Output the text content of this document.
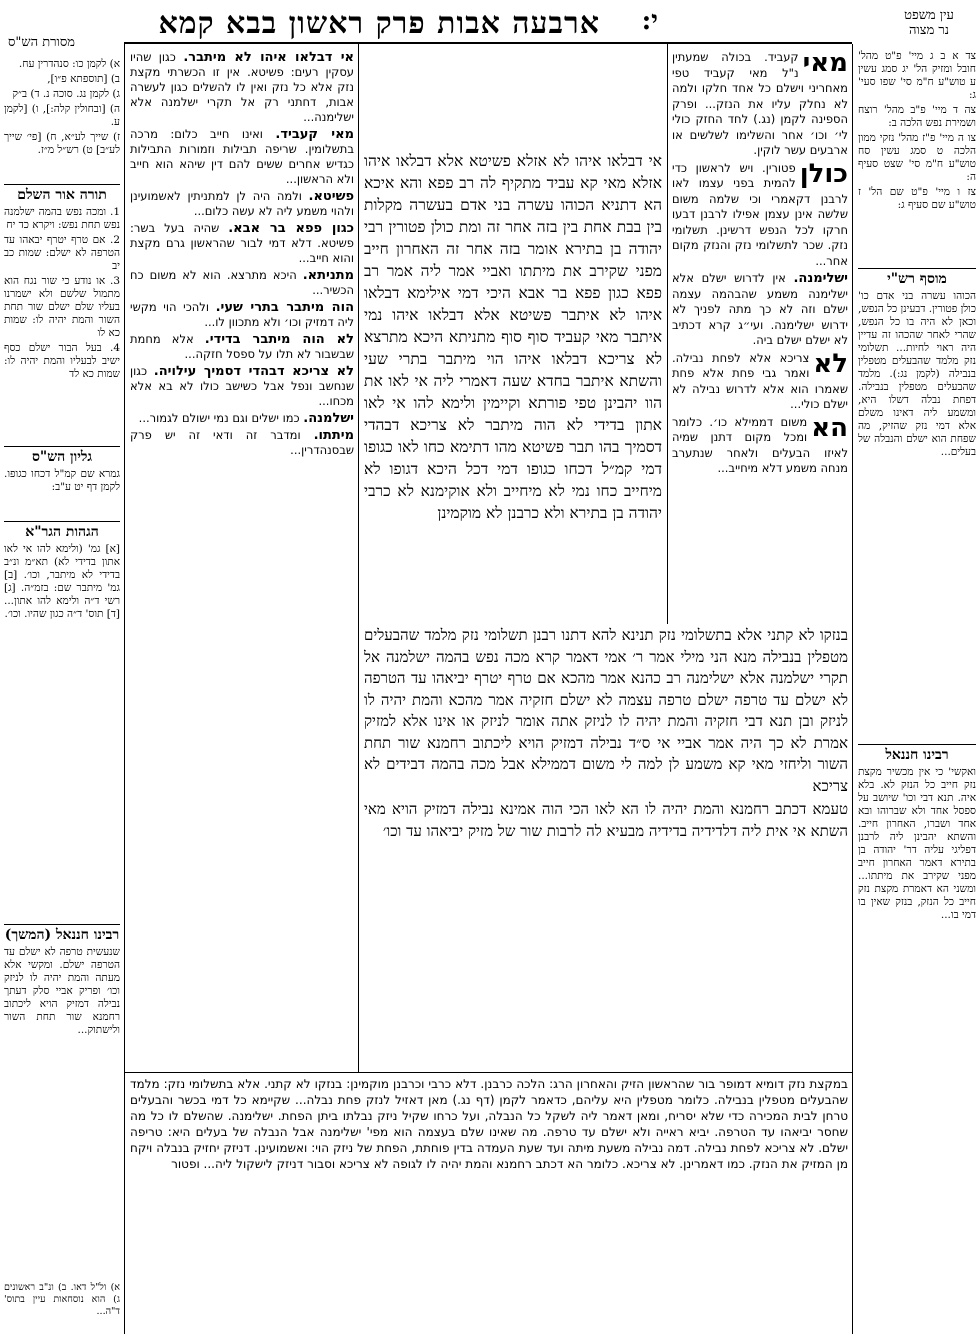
עין משפט
נר מצוה
י:
ארבעה אבות פרק ראשון בבא קמא
מסורת הש"ס

צד א ב ג מיי' פ"ט מהל' חובל ומזיק הל' יג סמג עשין ע טוש"ע ח"מ סי' שפו סעי' ג:

צה ד מיי' פ"ב מהל' רוצח ושמירת נפש הלכה ב:

צו ה מיי' פ"ז מהל' נזקי ממון הלכה ט סמג עשין סח טוש"ע ח"מ סי' שצט סעיף ה:

צז ו מיי' פ"ט שם הל' ז טוש"ע שם סעיף ג:

מוסף רש"י

הכוהו עשרה בני אדם כו' כולן פטורין. דבעינן כל הנפש, וכאן לא היה בו כל הנפש, שהרי לאחר שהכהו זה עדיין היה ראוי לחיות... תשלומי נזק מלמד שהבעלים מטפלין בנבילה (לקמן נג:). מלמד שהבעלים מטפלין בנבילה. דפחת נבלה דשלו היא, ומשמע ליה דאינו משלם אלא דמי נזק שהזיק, מה שפחת הוא ישלם והנבלה של בעלים...

רבינו חננאל

ואקשי' כי אין מכשיר מקצת נזק חייב כל הנזק לא. בלא איה. תנא דבי וכו' שיושב על ספסל אחד ולא שברוהו ובא אחד ושברו, האחרון חייב. והשתא יהבינן ליה לרבנן דפליגי עליה דר' יהודה בן בתירא דאמר האחרון חייב מפני שקירב את מיתתו... ומשני הא דאמרת מקצת נזק חייב כל הנזק, בנזק שאין בו דמי בו...

מאי
קעביד. בכולה שמעתין נ"ל מאי קעביד טפי מאחריני וישלם כל אחד חלקו ולמה לא נחלק עליו את הנזק... ופרק הספינה לקמן (נג.) לחד החזק כולי לי׳ וכו׳ אחר והשלימו לשלשים או ארבעים עשר לוקין.

כולן
פטורין. ויש לראשון כדי להמית בפני עצמו לאו לרבנן דקאמרי וכי שלמה משום שלשה אינן עצמן אפילו לרבנן דבעו חרקו לכל הנפש דרשינן. תשלומי נזק. שכר לתשלומי נזק והנזק מקום אחר...

ישלימנה. אין לדרוש ישלם אלא ישלימנה משמע שהבהמה עצמה ישלם וזה לא כך מתה לפניך לא ידרוש ישלימנה. ועי״ג קרא דכתיב לא ישלם ישלם ביה.

לא
צריכא אלא לפחת נבילה. ואמר גבי פחת אלא פחת שאמרו הוא אלא לדרוש נבילה לא ישלם כולי...

הא
משום דממילא כו׳. כלומר ומכל מקום דתנן שמיה לאיזו הבעלים ולאחר שנתערב מנחה משמע דלא מיחייב...

אי דבלאו איהו לא אזלא פשיטא אלא דבלאו איהו אזלא מאי קא עביד מתקיף לה רב פפא והא איכא הא דתניא הכוהו עשרה בני אדם בעשרה מקלות בין בבת אחת בין בזה אחר זה ומת כולן פטורין רבי יהודה בן בתירא אומר בזה אחר זה האחרון חייב מפני שקירב את מיתתו ואביי אמר ליה אמר רב פפא כגון פפא בר אבא היכי דמי אילימא דבלאו איהו לא איתבר פשיטא אלא דבלאו איהו נמי איתבר מאי קעביד סוף סוף מתניתא היכא מתרצא לא צריכא דבלאו איהו הוי מיתבר בתרי שעי והשתא איתבר בחדא שעה דאמרי ליה אי לאו את הוו יהבינן טפי פורתא וקיימין ולימא להו אי לאו אתון בדידי לא הוה מיתבר לא צריכא דבהדי דסמיך בהו תבר פשיטא מהו דתימא כחו לאו כגופו דמי קמ״ל דכחו כגופו דמי דכל היכא דגופו לא מיחייב כחו נמי לא מיחייב ולא אוקימנא לא כרבי יהודה בן בתירא ולא כרבנן לא מוקמינן

בנזקו לא קתני אלא בתשלומי נזק תנינא להא דתנו רבנן תשלומי נזק מלמד שהבעלים מטפלין בנבילה מנא הני מילי אמר ר׳ אמי דאמר קרא מכה נפש בהמה ישלמנה אל תקרי ישלמנה אלא ישלימנה רב כהנא אמר מהכא אם טרף יטרף יביאהו עד הטרפה לא ישלם עד טרפה ישלם טרפה עצמה לא ישלם חזקיה אמר מהכא והמת יהיה לו לניזק ובן תנא דבי חזקיה והמת יהיה לו לניזק אתה אומר לניזק או אינו אלא למזיק אמרת לא כך היה אמר אביי אי ס״ד נבילה דמזיק הויא ליכתוב רחמנא שור תחת השור וליחזי מאי קא משמע לן למה לי משום דממילא אבל מכה בהמה דבידים לא צריכא

טעמא דכתב רחמנא והמת יהיה לו הא לאו הכי הוה אמינא נבילה דמזיק הויא מאי השתא אי אית ליה דלדידיה בדידיה מבעיא לה לרבות שור של מזיק יביאהו עד וכו׳

אי דבלאו איהו לא מיתבר. כגון שהיו עסקין רעים: פשיטא. אין זו הכשרתי מקצת נזק אלא כל נזק ואין לו להשלים כגון לעשרה אבות, דחתני רק אל תקרי ישלמנה אלא ישלימנה...

מאי קעביד. ואינו חייב כלום: מרכה בתשלומין. שריפה תבילות וזמורות התבילות כגדיש אחרים ששים להם דין שיהא הוא חייב ולא הראשון...

פשיטא. ולמה היה לן למתניתין לאשמועינן ולהוי משמע ליה לא עשה כלום...

כגון פפא בר אבא. שהיה בעל בשר: פשיטא. דלא דמי לבור שהראשון גרם מקצת והוא חייב...

מתניתא. היכא מתרצא. הוא לא משום כח הכשיר...

הוה מיתבר בתרי שעי. ולהכי הוי מקשי ליה דמזיק וכו׳ ולא מתכוון לו...

לא הוה מיתבר בדידי. אלא מחמת שבשבור לא תלו על ספסל חזקה...

לא צריכא דבהדי דסמיך עילויה. כגון שנחשב ונפל אבל כשישב כולו לא בא אלא מכחו...

ישלמנה. כמו ישלים וגם נמי ישולם לגמור...

מיתתו. ומדבר זה ודאי זה יש פרק שבסנהדרין...

א) לקמן כו: סנהדרין עח.

ב) [תוספתא פ״ו],

ג) לקמן נג. סוכה נ. ד) ב״ק

ה) [ובחולין קלה:], ו) [לקמן ע.

ז) שייך לע״א, ח) [פי׳ שייך לע״ב] ט) רש״ל מ״ז.

תורה אור השלם

1. ומכה נפש בהמה ישלמנה נפש תחת נפש: ויקרא כד יח

2. אם טרף יטרף יבאהו עד הטרפה לא ישלם: שמות כב יב

3. או נודע כי שור נגח הוא מתמול שלשם ולא ישמרנו בעליו שלם ישלם שור תחת השור והמת יהיה לו: שמות כא לו

4. בעל הבור ישלם כסף ישיב לבעליו והמת יהיה לו: שמות כא לד

גליון הש"ס

גמרא שם קמ"ל דכחו כגופו. לקמן דף יט ע"ב:

הגהות הגר"א

[א] גמ' (ולימא להו אי לאו אתון בדידי לא) תא״מ ונ״ב בדידי לא מיתבר, וכו׳. [ב] גמ' מיתבר שם: בזמ״ה. [ג] רשי ד״ה ולימא להו אתון... [ד] תוס' ד״ה כגון שהיו. וכו׳.

רבינו חננאל (המשך)

שנעשית טרפה לא ישלם עד הטרפה ישלם. ומקשי אלא מעתה והמת יהיה לו לניזק וכו׳ ופריק אביי סלק דעתך נבילה דמזיק הויא ליכתוב רחמנא שור תחת השור ולישתוק...

א) ול"ל דאו. ב) ונ"ב ראשונים ג) הוא נוסחאות עיין בתוס' ד"ה...

במקצת נזק דומיא דמופר בור שהראשון הזיק והאחרון הרג: הלכה כרבנן. דלא כרבי וכרבנן מוקמינן: בנזקו לא קתני. אלא בתשלומי נזק: מלמד שהבעלים מטפלין בנבילה. כלומר מטפלין היא עליהם, כדאמר לקמן (דף נג.) מאן דאזיל לנזק פחת נבלה... שקיימא כל דמי בכשר והבעלים טרחן לבית המכירה כדי שלא יסריח, ומאן דאמר ליה לשקל כל הנבלה, ועל כרחו שקיל ניזק נבלתו ביתן הפחת. ישלימנה. שהשלם לו כל מה שחסר יביאהו עד הטרפה. יביא ראייה ולא ישלם עד טרפה. מה שאינו שלם בעצמה הוא מפי' ישלימנה אבל הנבלה של בעלים היא: טריפה ישלם. לא צריכא לפחת נבילה. דמה נבילה משעת מיתה ועד שעת העמדה בדין פוחתת, הפחת של ניזק הוי: ואשמועינן. דניזק יחזיק בנבלה ויקח מן המזיק את הנזק. כמו דאמרינן. לא צריכא. כלומר הא דכתב רחמנא והמת יהיה לו לגופה לא צריכא וסבור דניזק לישקול ליה... ופטור
